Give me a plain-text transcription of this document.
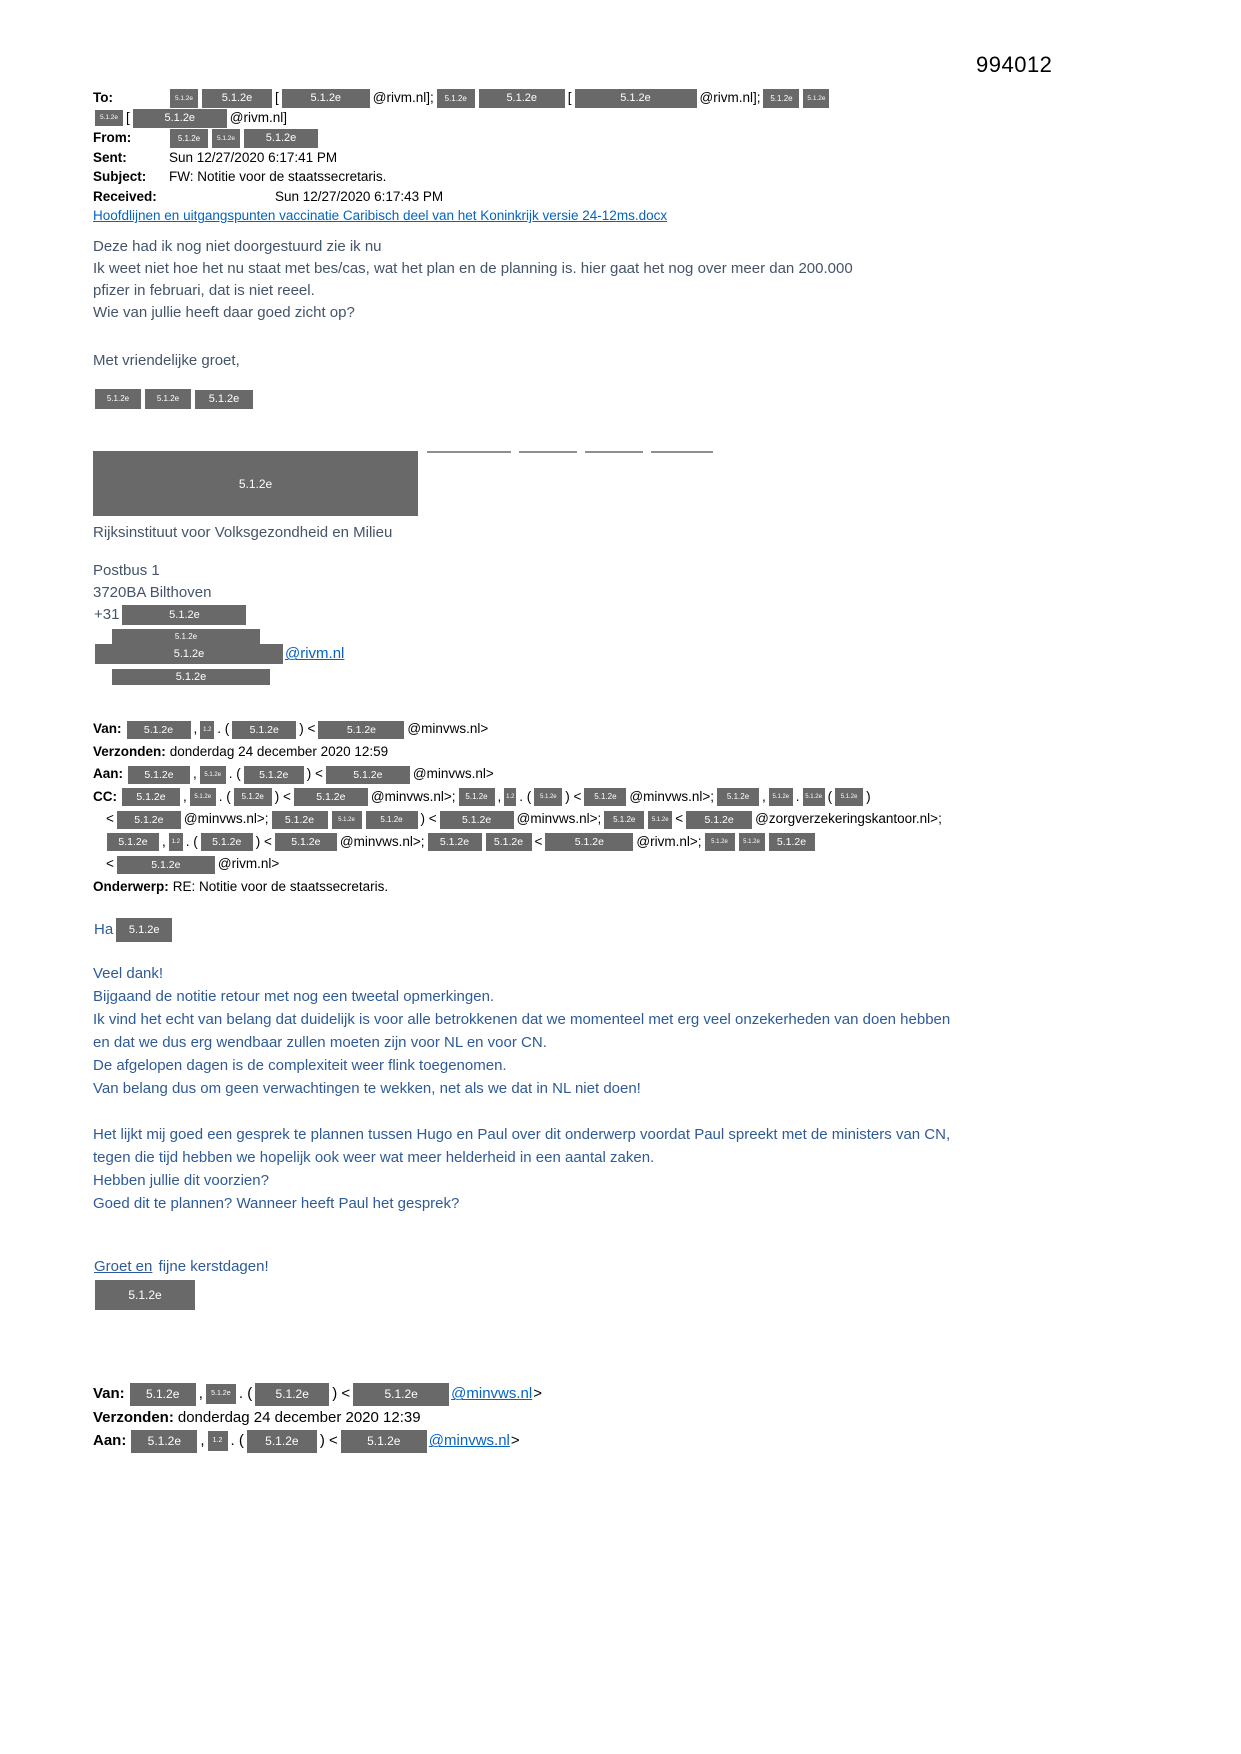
994012
To:	5.1.2e	5.1.2e [	5.1.2e @rivm.nl]; 5.1.2e	5.1.2e [	5.1.2e	@rivm.nl]; 5.1.2e 5.1.2e
5.1.2e [	5.1.2e	@rivm.nl]
From:	5.1.2e	5.1.2e	5.1.2e
Sent:	Sun 12/27/2020 6:17:41 PM
Subject: FW: Notitie voor de staatssecretaris.
Received:	Sun 12/27/2020 6:17:43 PM
Hoofdlijnen en uitgangspunten vaccinatie Caribisch deel van het Koninkrijk versie 24-12ms.docx
Deze had ik nog niet doorgestuurd zie ik nu
Ik weet niet hoe het nu staat met bes/cas, wat het plan en de planning is. hier gaat het nog over meer dan 200.000
pfizer in februari, dat is niet reeel.
Wie van jullie heeft daar goed zicht op?
Met vriendelijke groet,
5.1.2e	5.1.2e	5.1.2e
5.1.2e
Rijksinstituut voor Volksgezondheid en Milieu
Postbus 1
3720BA Bilthoven
+31	5.1.2e
5.1.2e
5.1.2e	@rivm.nl
5.1.2e
Van: 5.1.2e , 1.2 . ( 5.1.2e ) <	5.1.2e @minvws.nl>
Verzonden: donderdag 24 december 2020 12:59
Aan: 5.1.2e , 5.1.2e . ( 5.1.2e ) <	5.1.2e @minvws.nl>
CC: 5.1.2e , 5.1.2e . ( 5.1.2e ) < 5.1.2e @minvws.nl>; 5.1.2e , 1.2 . ( 5.1.2e ) < 5.1.2e @minvws.nl>; 5.1.2e , 5.1.2e . 5.1.2e ( 5.1.2e )
< 5.1.2e @minvws.nl>; 5.1.2e	5.1.2e	5.1.2e ) < 5.1.2e @minvws.nl>; 5.1.2e	5.1.2e < 5.1.2e @zorgverzekeringskantoor.nl>;
5.1.2e , 1.2 . ( 5.1.2e ) < 5.1.2e @minvws.nl>; 5.1.2e 5.1.2e <	5.1.2e @rivm.nl>; 5.1.2e	5.1.2e 5.1.2e
<	5.1.2e	@rivm.nl>
Onderwerp: RE: Notitie voor de staatssecretaris.
Ha 5.1.2e
Veel dank!
Bijgaand de notitie retour met nog een tweetal opmerkingen.
Ik vind het echt van belang dat duidelijk is voor alle betrokkenen dat we momenteel met erg veel onzekerheden van doen hebben
en dat we dus erg wendbaar zullen moeten zijn voor NL en voor CN.
De afgelopen dagen is de complexiteit weer flink toegenomen.
Van belang dus om geen verwachtingen te wekken, net als we dat in NL niet doen!
Het lijkt mij goed een gesprek te plannen tussen Hugo en Paul over dit onderwerp voordat Paul spreekt met de ministers van CN,
tegen die tijd hebben we hopelijk ook weer wat meer helderheid in een aantal zaken.
Hebben jullie dit voorzien?
Goed dit te plannen? Wanneer heeft Paul het gesprek?
Groet en fijne kerstdagen!
5.1.2e
Van: 5.1.2e , 5.1.2e . ( 5.1.2e ) <	5.1.2e @minvws.nl>
Verzonden: donderdag 24 december 2020 12:39
Aan: 5.1.2e , 1.2 . ( 5.1.2e ) < 5.1.2e @minvws.nl>
